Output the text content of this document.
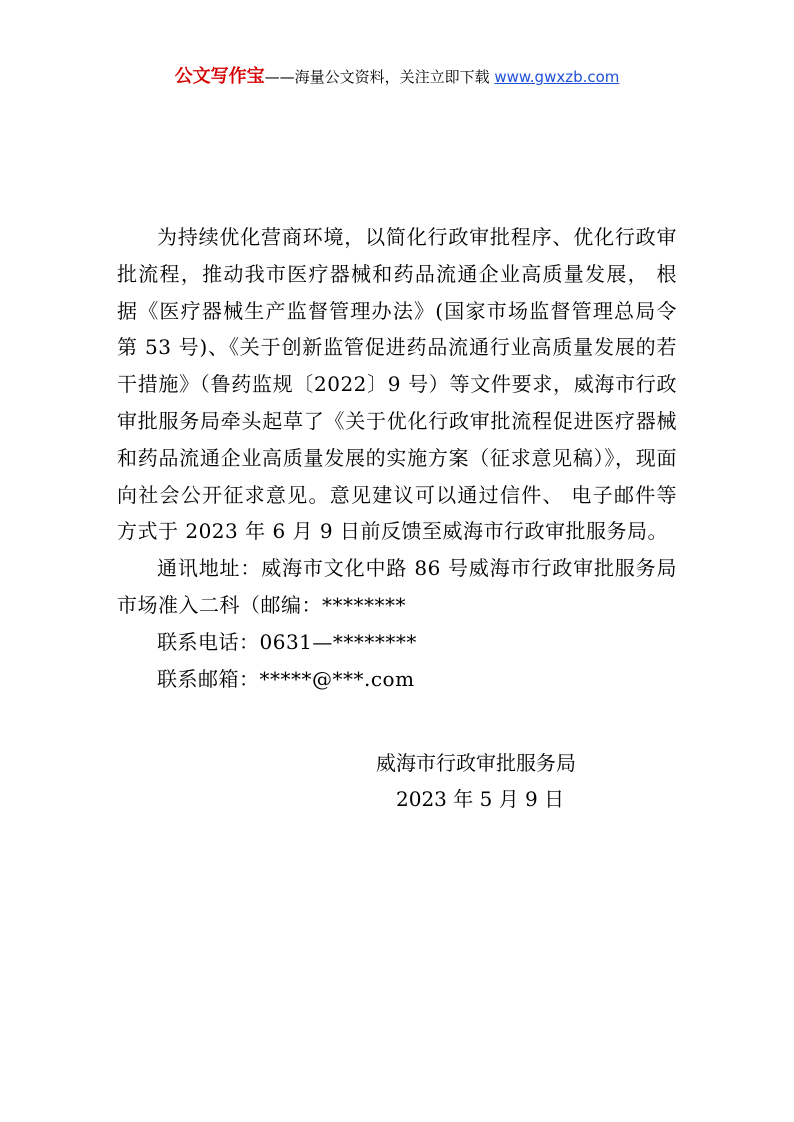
公文写作宝——海量公文资料，关注立即下载 www.gwxzb.com

为持续优化营商环境，以简化行政审批程序、优化行政审批流程，推动我市医疗器械和药品流通企业高质量发展， 根据《医疗器械生产监督管理办法》(国家市场监督管理总局令第 53 号)、《关于创新监管促进药品流通行业高质量发展的若干措施》（鲁药监规〔2022〕9 号）等文件要求，威海市行政审批服务局牵头起草了《关于优化行政审批流程促进医疗器械和药品流通企业高质量发展的实施方案（征求意见稿）》，现面向社会公开征求意见。意见建议可以通过信件、 电子邮件等方式于 2023 年 6 月 9 日前反馈至威海市行政审批服务局。

通讯地址：威海市文化中路 86 号威海市行政审批服务局市场准入二科（邮编：********

联系电话：0631—********

联系邮箱：*****@***.com

威海市行政审批服务局
2023 年 5 月 9 日
